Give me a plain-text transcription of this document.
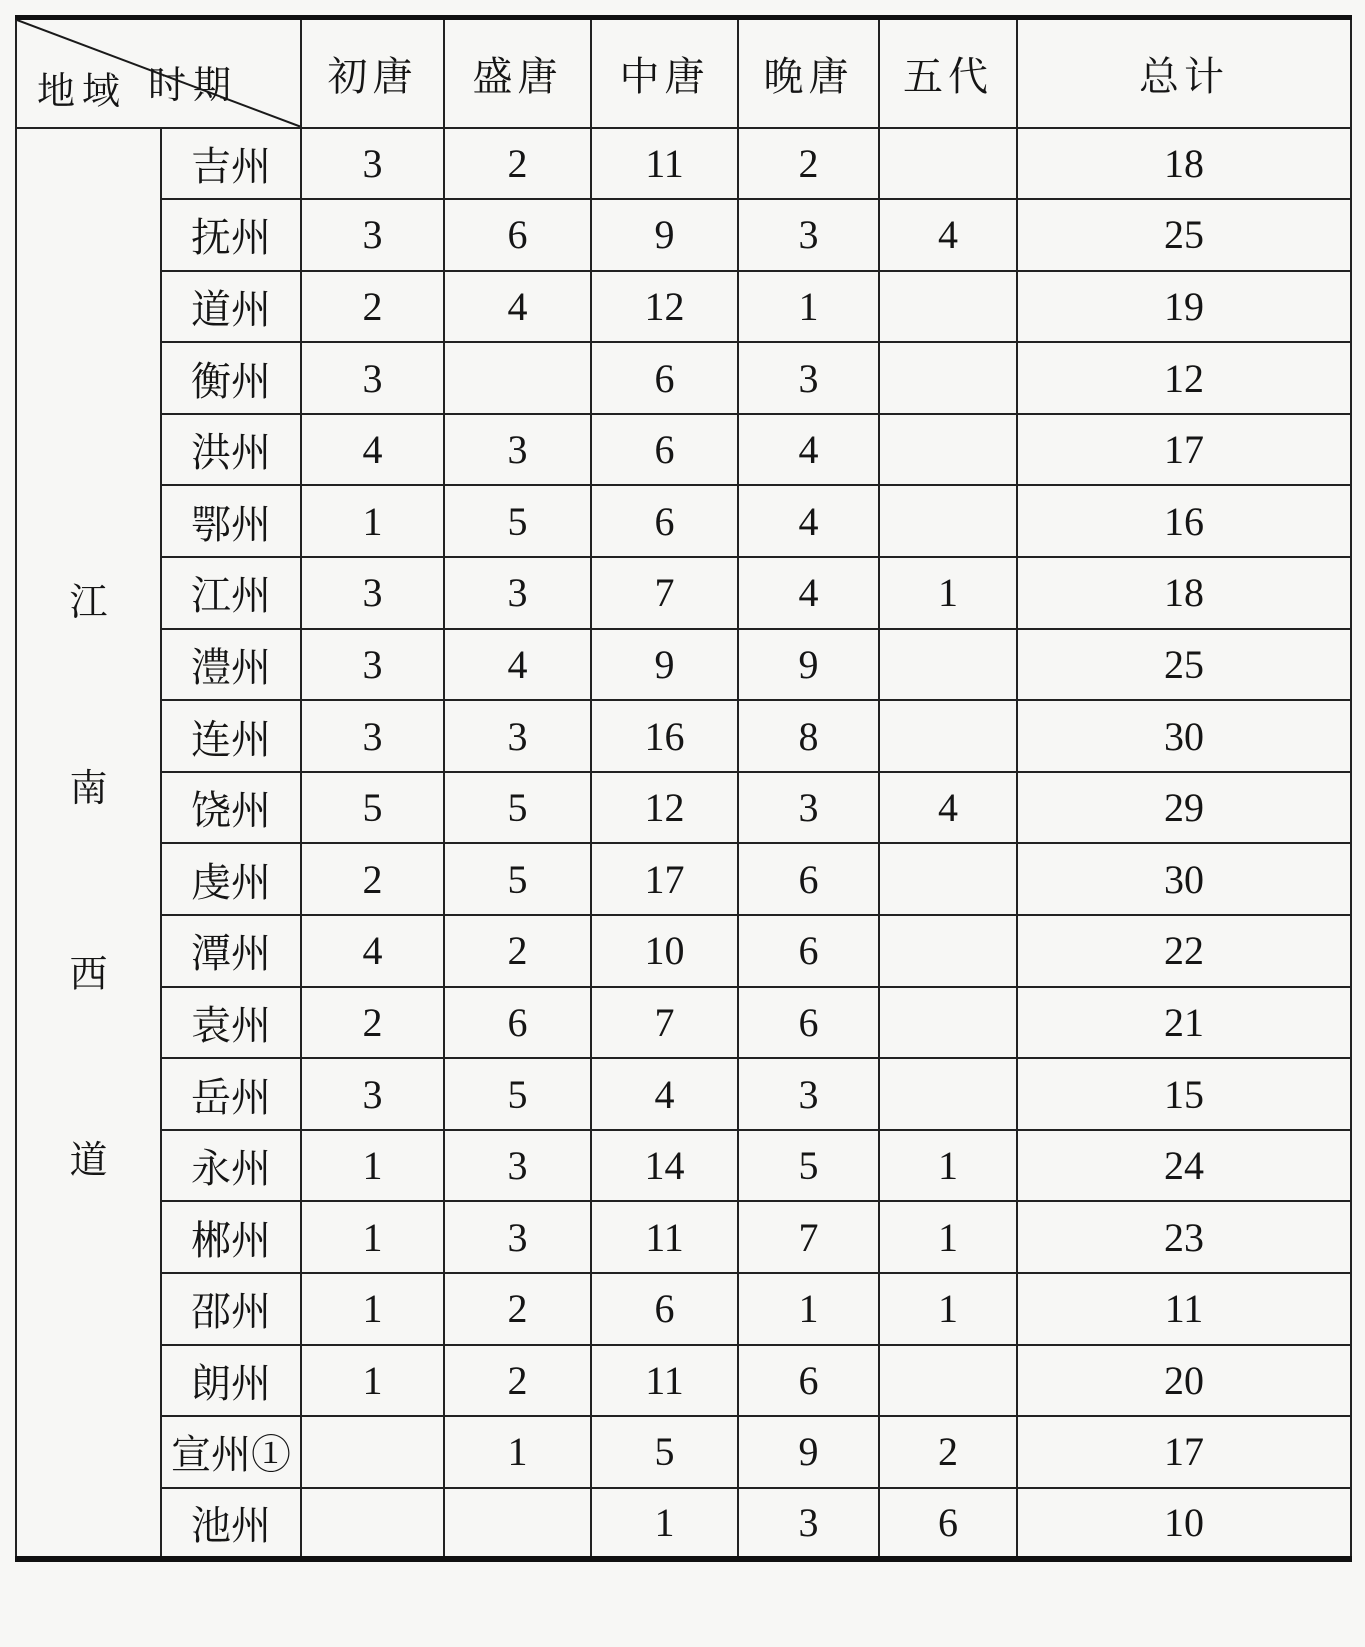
时期
地域		初唐	盛唐	中唐	晚唐	五代	总计

江
南
西
道	吉州	3	2	11	2		18
	抚州	3	6	9	3	4	25
	道州	2	4	12	1		19
	衡州	3		6	3		12
	洪州	4	3	6	4		17
	鄂州	1	5	6	4		16
	江州	3	3	7	4	1	18
	澧州	3	4	9	9		25
	连州	3	3	16	8		30
	饶州	5	5	12	3	4	29
	虔州	2	5	17	6		30
	潭州	4	2	10	6		22
	袁州	2	6	7	6		21
	岳州	3	5	4	3		15
	永州	1	3	14	5	1	24
	郴州	1	3	11	7	1	23
	邵州	1	2	6	1	1	11
	朗州	1	2	11	6		20
	宣州①		1	5	9	2	17
	池州			1	3	6	10
